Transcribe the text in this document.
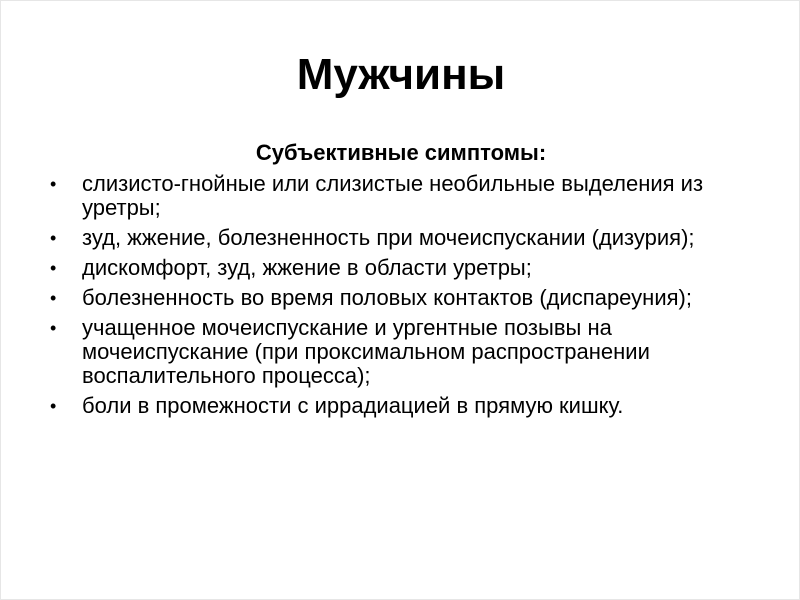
Мужчины
Субъективные симптомы:
• слизисто-гнойные или слизистые необильные выделения из уретры;
• зуд, жжение, болезненность при мочеиспускании (дизурия);
• дискомфорт, зуд, жжение в области уретры;
• болезненность во время половых контактов (диспареуния);
• учащенное мочеиспускание и ургентные позывы на мочеиспускание (при проксимальном распространении воспалительного процесса);
• боли в промежности с иррадиацией в прямую кишку.
